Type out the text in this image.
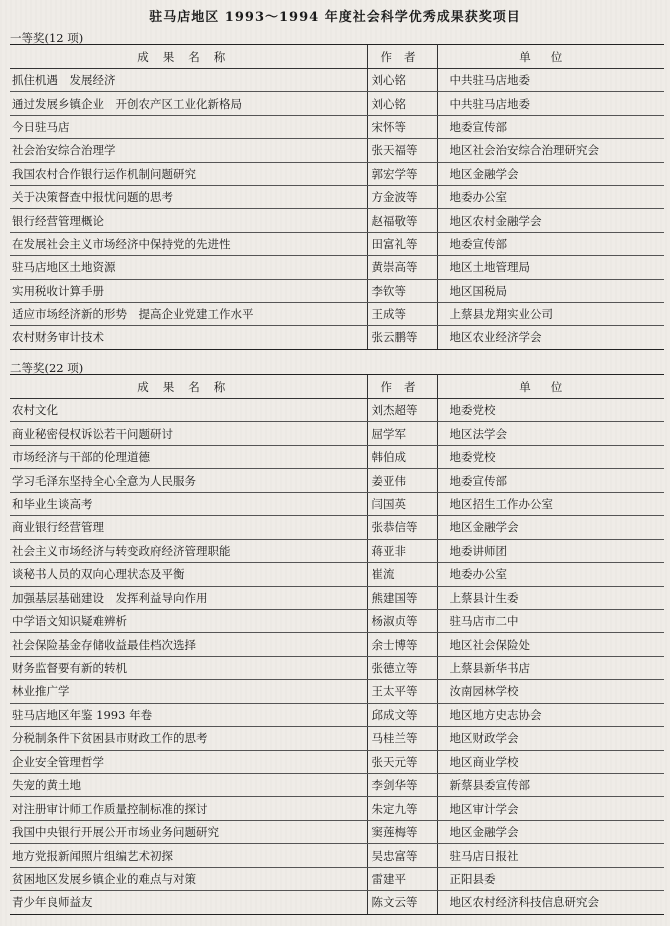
驻马店地区 1993～1994 年度社会科学优秀成果获奖项目
一等奖(12 项)
成果名称	作者	单位
抓住机遇　发展经济	刘心铭	中共驻马店地委
通过发展乡镇企业　开创农产区工业化新格局	刘心铭	中共驻马店地委
今日驻马店	宋怀等	地委宣传部
社会治安综合治理学	张天福等	地区社会治安综合治理研究会
我国农村合作银行运作机制问题研究	郭宏学等	地区金融学会
关于决策督查中报忧问题的思考	方金波等	地委办公室
银行经营管理概论	赵福敬等	地区农村金融学会
在发展社会主义市场经济中保持党的先进性	田富礼等	地委宣传部
驻马店地区土地资源	黄崇高等	地区土地管理局
实用税收计算手册	李钦等	地区国税局
适应市场经济新的形势　提高企业党建工作水平	王成等	上蔡县龙翔实业公司
农村财务审计技术	张云鹏等	地区农业经济学会
二等奖(22 项)
成果名称	作者	单位
农村文化	刘杰超等	地委党校
商业秘密侵权诉讼若干问题研讨	屈学军	地区法学会
市场经济与干部的伦理道德	韩伯成	地委党校
学习毛泽东坚持全心全意为人民服务	姜亚伟	地委宣传部
和毕业生谈高考	闫国英	地区招生工作办公室
商业银行经营管理	张恭信等	地区金融学会
社会主义市场经济与转变政府经济管理职能	蒋亚非	地委讲师团
谈秘书人员的双向心理状态及平衡	崔流	地委办公室
加强基层基础建设　发挥利益导向作用	熊建国等	上蔡县计生委
中学语文知识疑难辨析	杨淑贞等	驻马店市二中
社会保险基金存储收益最佳档次选择	余士博等	地区社会保险处
财务监督要有新的转机	张德立等	上蔡县新华书店
林业推广学	王太平等	汝南园林学校
驻马店地区年鉴 1993 年卷	邱成文等	地区地方史志协会
分税制条件下贫困县市财政工作的思考	马桂兰等	地区财政学会
企业安全管理哲学	张天元等	地区商业学校
失宠的黄土地	李剑华等	新蔡县委宣传部
对注册审计师工作质量控制标准的探讨	朱定九等	地区审计学会
我国中央银行开展公开市场业务问题研究	窦莲梅等	地区金融学会
地方党报新闻照片组编艺术初探	吴忠富等	驻马店日报社
贫困地区发展乡镇企业的难点与对策	雷建平	正阳县委
青少年良师益友	陈文云等	地区农村经济科技信息研究会
